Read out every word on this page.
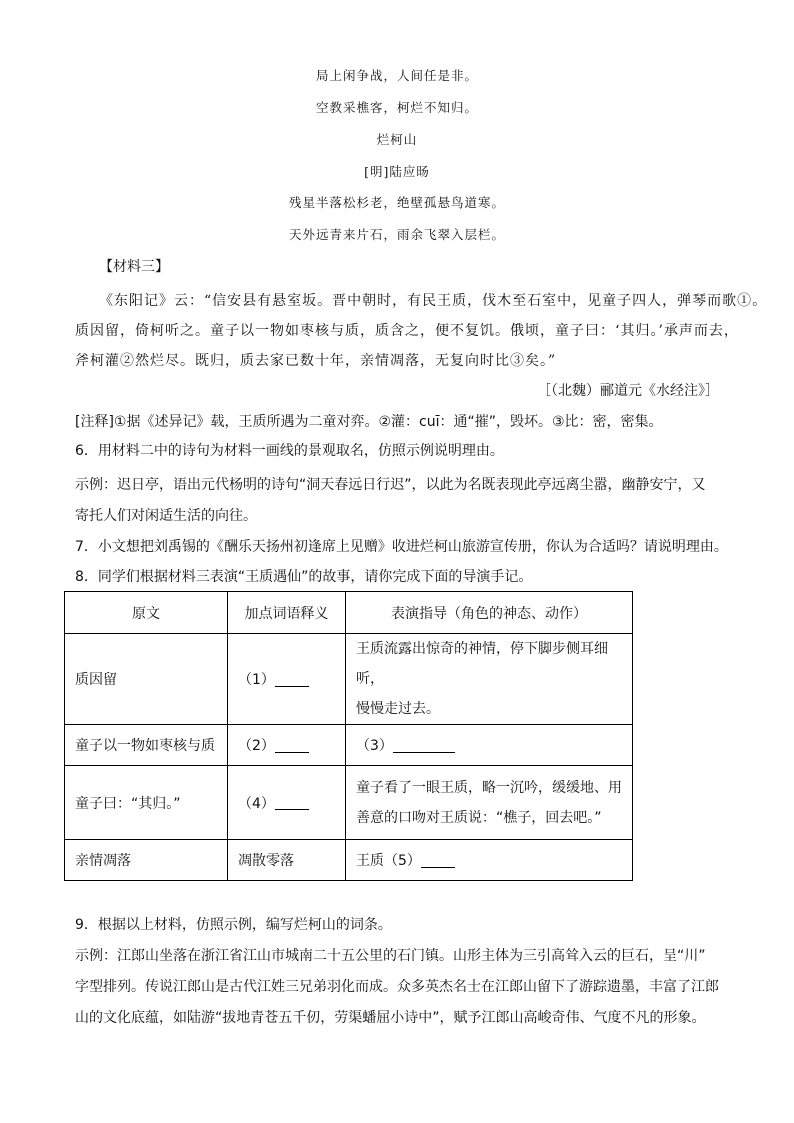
局上闲争战，人间任是非。
空教采樵客，柯烂不知归。
烂柯山
[明]陆应旸
残星半落松杉老，绝壁孤悬鸟道寒。
天外远青来片石，雨余飞翠入层栏。
【材料三】
《东阳记》云：“信安县有悬室坂。晋中朝时，有民王质，伐木至石室中，见童子四人，弹琴而歌①。
质因留，倚柯听之。童子以一物如枣核与质，质含之，便不复饥。俄顷，童子曰：‘其归。’承声而去，
斧柯灌②然烂尽。既归，质去家已数十年，亲情凋落，无复向时比③矣。”
［（北魏）郦道元《水经注》］
[注释]①据《述异记》载，王质所遇为二童对弈。②灌：cuī：通“摧”，毁坏。③比：密，密集。
6．用材料二中的诗句为材料一画线的景观取名，仿照示例说明理由。
示例：迟日亭，语出元代杨明的诗句“洞天春远日行迟”，以此为名既表现此亭远离尘嚣，幽静安宁，又
寄托人们对闲适生活的向往。
7．小文想把刘禹锡的《酬乐天扬州初逢席上见赠》收进烂柯山旅游宣传册，你认为合适吗？请说明理由。
8．同学们根据材料三表演“王质遇仙”的故事，请你完成下面的导演手记。
原文	加点词语释义	表演指导（角色的神态、动作）
质因留	（1）	王质流露出惊奇的神情，停下脚步侧耳细听，
慢慢走过去。

童子以一物如枣核与质	（2）	（3）
童子曰：“其归。”	（4）	童子看了一眼王质，略一沉吟，缓缓地、用
善意的口吻对王质说：“樵子，回去吧。”

亲情凋落	凋散零落	王质（5）
9．根据以上材料，仿照示例，编写烂柯山的词条。
示例：江郎山坐落在浙江省江山市城南二十五公里的石门镇。山形主体为三引高耸入云的巨石，呈“川”
字型排列。传说江郎山是古代江姓三兄弟羽化而成。众多英杰名士在江郎山留下了游踪遗墨，丰富了江郎
山的文化底蕴，如陆游“拔地青苍五千仞，劳渠蟠屈小诗中”，赋予江郎山高峻奇伟、气度不凡的形象。
